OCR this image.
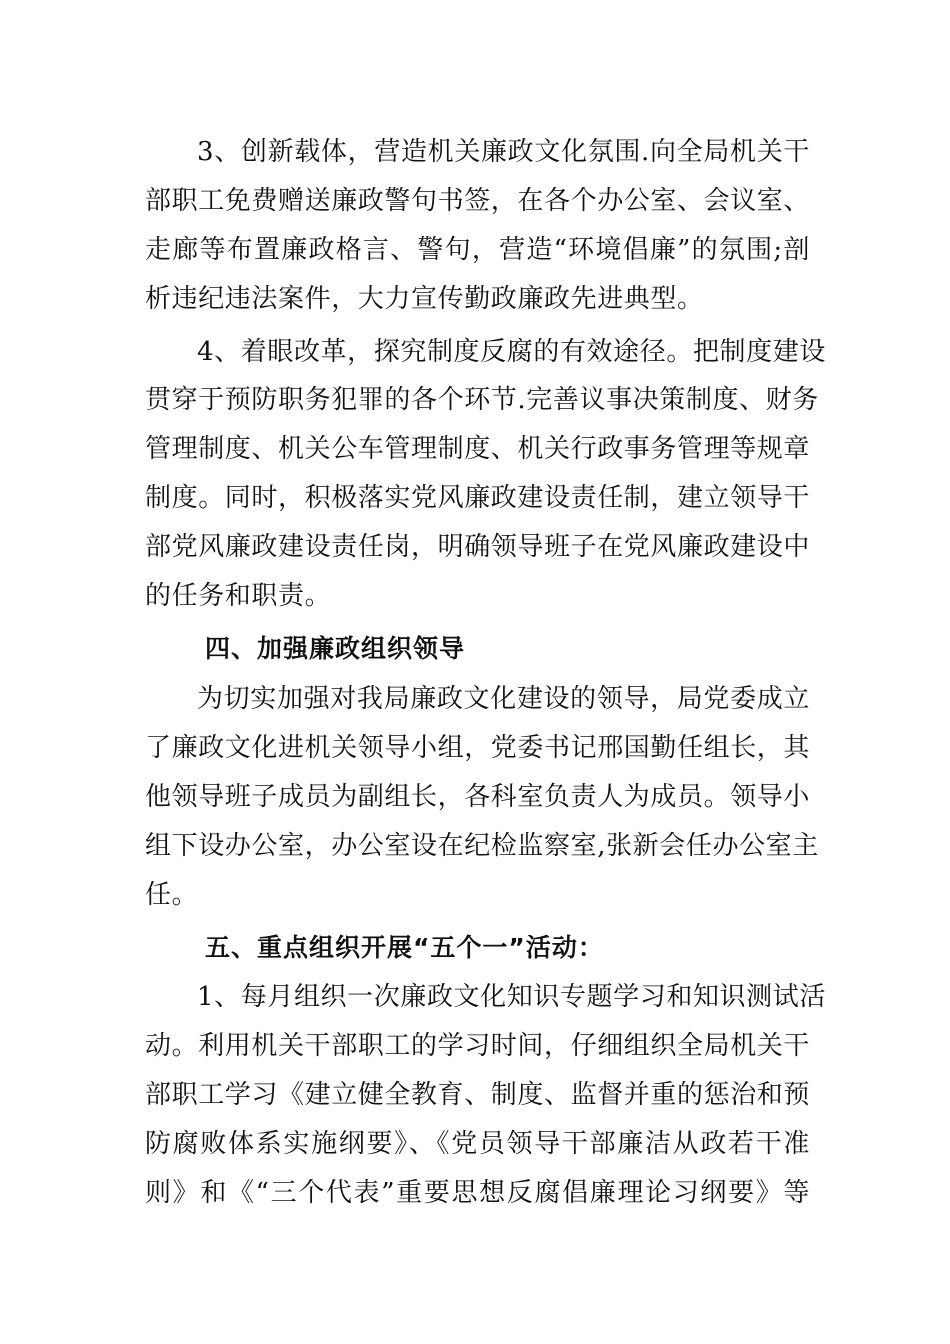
3、创新载体，营造机关廉政文化氛围.向全局机关干
部职工免费赠送廉政警句书签，在各个办公室、会议室、
走廊等布置廉政格言、警句，营造“环境倡廉”的氛围;剖
析违纪违法案件，大力宣传勤政廉政先进典型。
4、着眼改革，探究制度反腐的有效途径。把制度建设
贯穿于预防职务犯罪的各个环节.完善议事决策制度、财务
管理制度、机关公车管理制度、机关行政事务管理等规章
制度。同时，积极落实党风廉政建设责任制，建立领导干
部党风廉政建设责任岗，明确领导班子在党风廉政建设中
的任务和职责。
四、加强廉政组织领导
为切实加强对我局廉政文化建设的领导，局党委成立
了廉政文化进机关领导小组，党委书记邢国勤任组长，其
他领导班子成员为副组长，各科室负责人为成员。领导小
组下设办公室，办公室设在纪检监察室,张新会任办公室主
任。
五、重点组织开展“五个一”活动：
1、每月组织一次廉政文化知识专题学习和知识测试活
动。利用机关干部职工的学习时间，仔细组织全局机关干
部职工学习《建立健全教育、制度、监督并重的惩治和预
防腐败体系实施纲要》、《党员领导干部廉洁从政若干准
则》和《“三个代表”重要思想反腐倡廉理论习纲要》等
